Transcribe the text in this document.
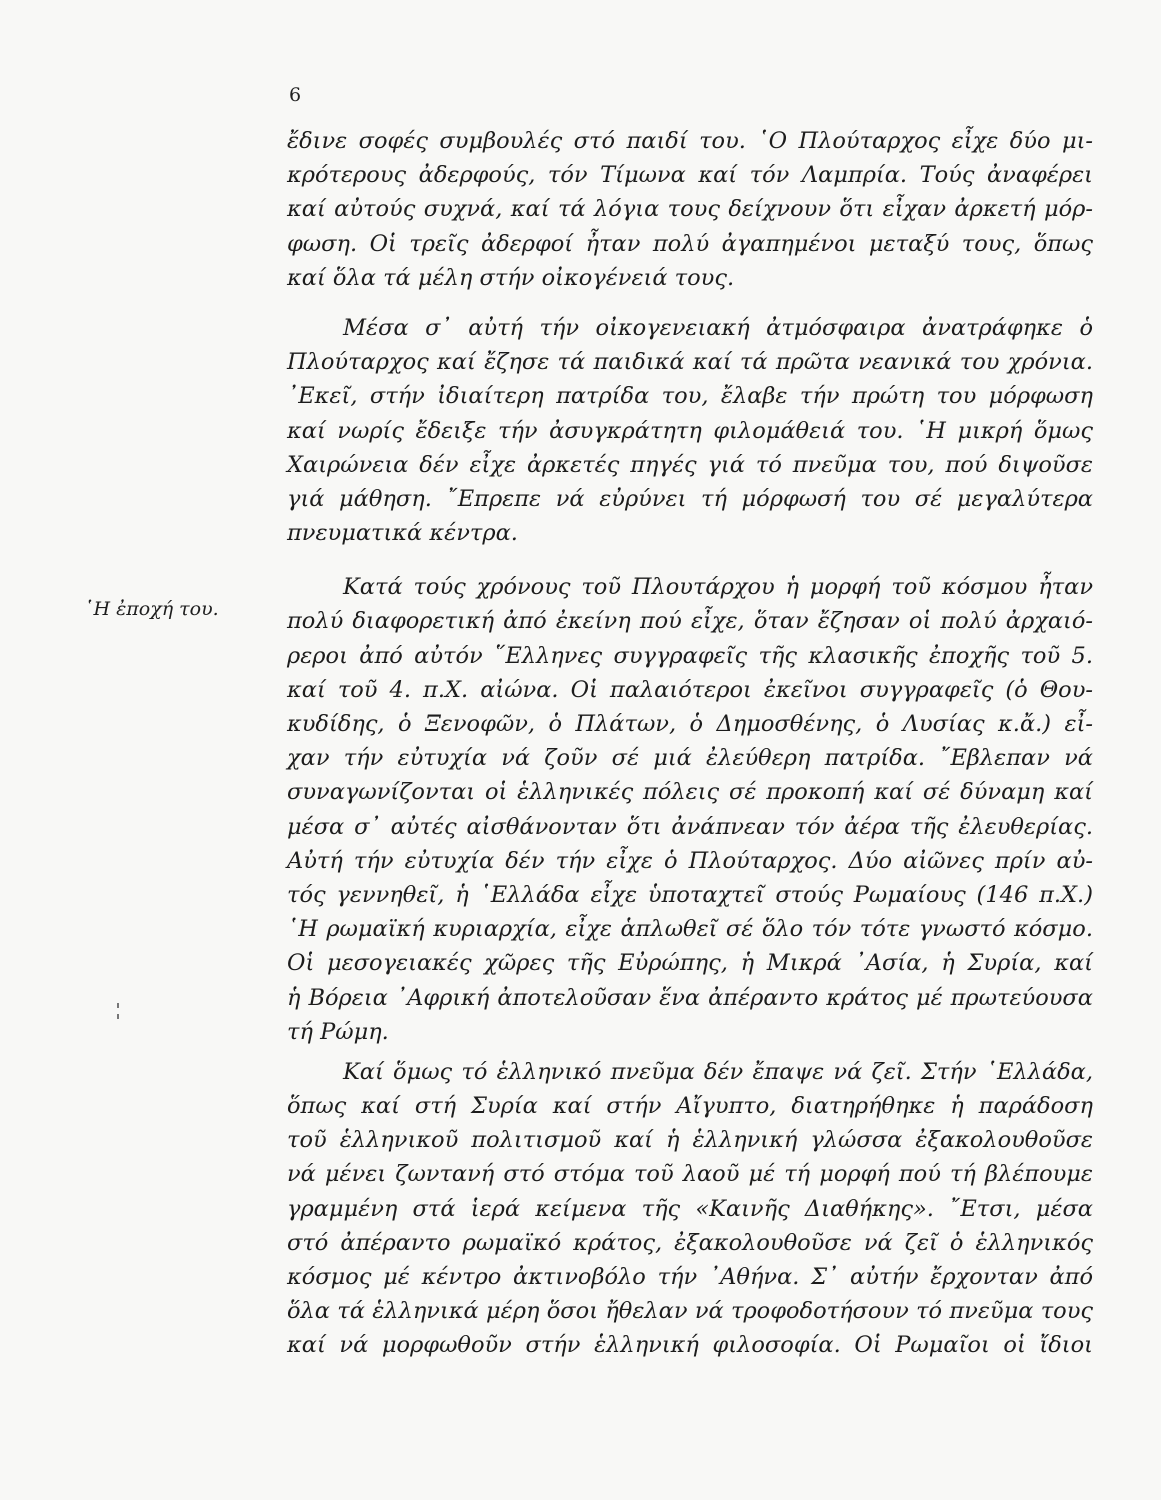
6
῾Η ἐποχή του.
ἔδινε σοφές συμβουλές στό παιδί του. ῾Ο Πλούταρχος εἶχε δύο μι-
κρότερους ἀδερφούς, τόν Τίμωνα καί τόν Λαμπρία. Τούς ἀναφέρει
καί αὐτούς συχνά, καί τά λόγια τους δείχνουν ὅτι εἶχαν ἀρκετή μόρ-
φωση. Οἱ τρεῖς ἀδερφοί ἦταν πολύ ἀγαπημένοι μεταξύ τους, ὅπως
καί ὅλα τά μέλη στήν οἰκογένειά τους.
Μέσα σ᾿ αὐτή τήν οἰκογενειακή ἀτμόσφαιρα ἀνατράφηκε ὁ
Πλούταρχος καί ἔζησε τά παιδικά καί τά πρῶτα νεανικά του χρόνια.
᾿Εκεῖ, στήν ἰδιαίτερη πατρίδα του, ἔλαβε τήν πρώτη του μόρφωση
καί νωρίς ἔδειξε τήν ἀσυγκράτητη φιλομάθειά του. ῾Η μικρή ὅμως
Χαιρώνεια δέν εἶχε ἀρκετές πηγές γιά τό πνεῦμα του, πού διψοῦσε
γιά μάθηση. ῎Επρεπε νά εὐρύνει τή μόρφωσή του σέ μεγαλύτερα
πνευματικά κέντρα.
Κατά τούς χρόνους τοῦ Πλουτάρχου ἡ μορφή τοῦ κόσμου ἦταν
πολύ διαφορετική ἀπό ἐκείνη πού εἶχε, ὅταν ἔζησαν οἱ πολύ ἀρχαιό-
ρεροι ἀπό αὐτόν ῞Ελληνες συγγραφεῖς τῆς κλασικῆς ἐποχῆς τοῦ 5.
καί τοῦ 4. π.Χ. αἰώνα. Οἱ παλαιότεροι ἐκεῖνοι συγγραφεῖς (ὁ Θου-
κυδίδης, ὁ Ξενοφῶν, ὁ Πλάτων, ὁ Δημοσθένης, ὁ Λυσίας κ.ἄ.) εἶ-
χαν τήν εὐτυχία νά ζοῦν σέ μιά ἐλεύθερη πατρίδα. ῎Εβλεπαν νά
συναγωνίζονται οἱ ἑλληνικές πόλεις σέ προκοπή καί σέ δύναμη καί
μέσα σ᾿ αὐτές αἰσθάνονταν ὅτι ἀνάπνεαν τόν ἀέρα τῆς ἐλευθερίας.
Αὐτή τήν εὐτυχία δέν τήν εἶχε ὁ Πλούταρχος. Δύο αἰῶνες πρίν αὐ-
τός γεννηθεῖ, ἡ ῾Ελλάδα εἶχε ὑποταχτεῖ στούς Ρωμαίους (146 π.Χ.)
῾Η ρωμαϊκή κυριαρχία, εἶχε ἁπλωθεῖ σέ ὅλο τόν τότε γνωστό κόσμο.
Οἱ μεσογειακές χῶρες τῆς Εὐρώπης, ἡ Μικρά ᾿Ασία, ἡ Συρία, καί
ἡ Βόρεια ᾿Αφρική ἀποτελοῦσαν ἕνα ἀπέραντο κράτος μέ πρωτεύουσα
τή Ρώμη.
Καί ὅμως τό ἑλληνικό πνεῦμα δέν ἔπαψε νά ζεῖ. Στήν ῾Ελλάδα,
ὅπως καί στή Συρία καί στήν Αἴγυπτο, διατηρήθηκε ἡ παράδοση
τοῦ ἑλληνικοῦ πολιτισμοῦ καί ἡ ἑλληνική γλώσσα ἐξακολουθοῦσε
νά μένει ζωντανή στό στόμα τοῦ λαοῦ μέ τή μορφή πού τή βλέπουμε
γραμμένη στά ἱερά κείμενα τῆς «Καινῆς Διαθήκης». ῎Ετσι, μέσα
στό ἀπέραντο ρωμαϊκό κράτος, ἐξακολουθοῦσε νά ζεῖ ὁ ἑλληνικός
κόσμος μέ κέντρο ἀκτινοβόλο τήν ᾿Αθήνα. Σ᾿ αὐτήν ἔρχονταν ἀπό
ὅλα τά ἑλληνικά μέρη ὅσοι ἤθελαν νά τροφοδοτήσουν τό πνεῦμα τους
καί νά μορφωθοῦν στήν ἑλληνική φιλοσοφία. Οἱ Ρωμαῖοι οἱ ἴδιοι
